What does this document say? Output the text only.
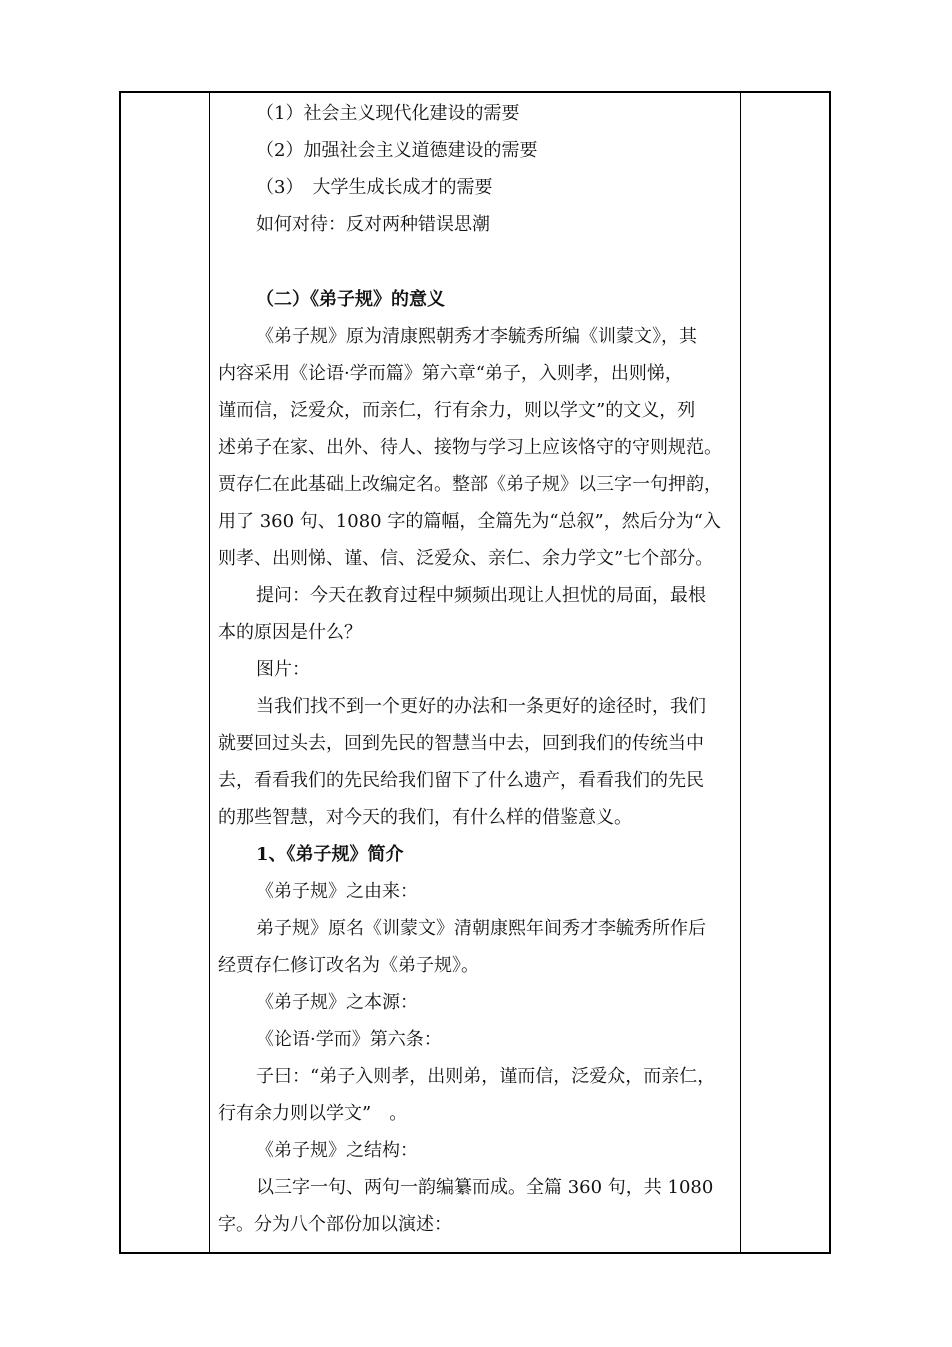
（1）社会主义现代化建设的需要
（2）加强社会主义道德建设的需要
（3）　大学生成长成才的需要
如何对待：反对两种错误思潮
（二）《弟子规》的意义
《弟子规》原为清康熙朝秀才李毓秀所编《训蒙文》，其
内容采用《论语·学而篇》第六章“弟子，入则孝，出则悌，
谨而信，泛爱众，而亲仁，行有余力，则以学文”的文义，列
述弟子在家、出外、待人、接物与学习上应该恪守的守则规范。
贾存仁在此基础上改编定名。整部《弟子规》以三字一句押韵，
用了 360 句、1080 字的篇幅，全篇先为“总叙”，然后分为“入
则孝、出则悌、谨、信、泛爱众、亲仁、余力学文”七个部分。
提问：今天在教育过程中频频出现让人担忧的局面，最根
本的原因是什么？
图片：
当我们找不到一个更好的办法和一条更好的途径时，我们
就要回过头去，回到先民的智慧当中去，回到我们的传统当中
去，看看我们的先民给我们留下了什么遗产，看看我们的先民
的那些智慧，对今天的我们，有什么样的借鉴意义。
1、《弟子规》简介
《弟子规》之由来：
弟子规》原名《训蒙文》清朝康熙年间秀才李毓秀所作后
经贾存仁修订改名为《弟子规》。
《弟子规》之本源：
《论语·学而》第六条：
子曰：“弟子入则孝，出则弟，谨而信，泛爱众，而亲仁，
行有余力则以学文”　。
《弟子规》之结构：
以三字一句、两句一韵编纂而成。全篇 360 句，共 1080
字。分为八个部份加以演述：
